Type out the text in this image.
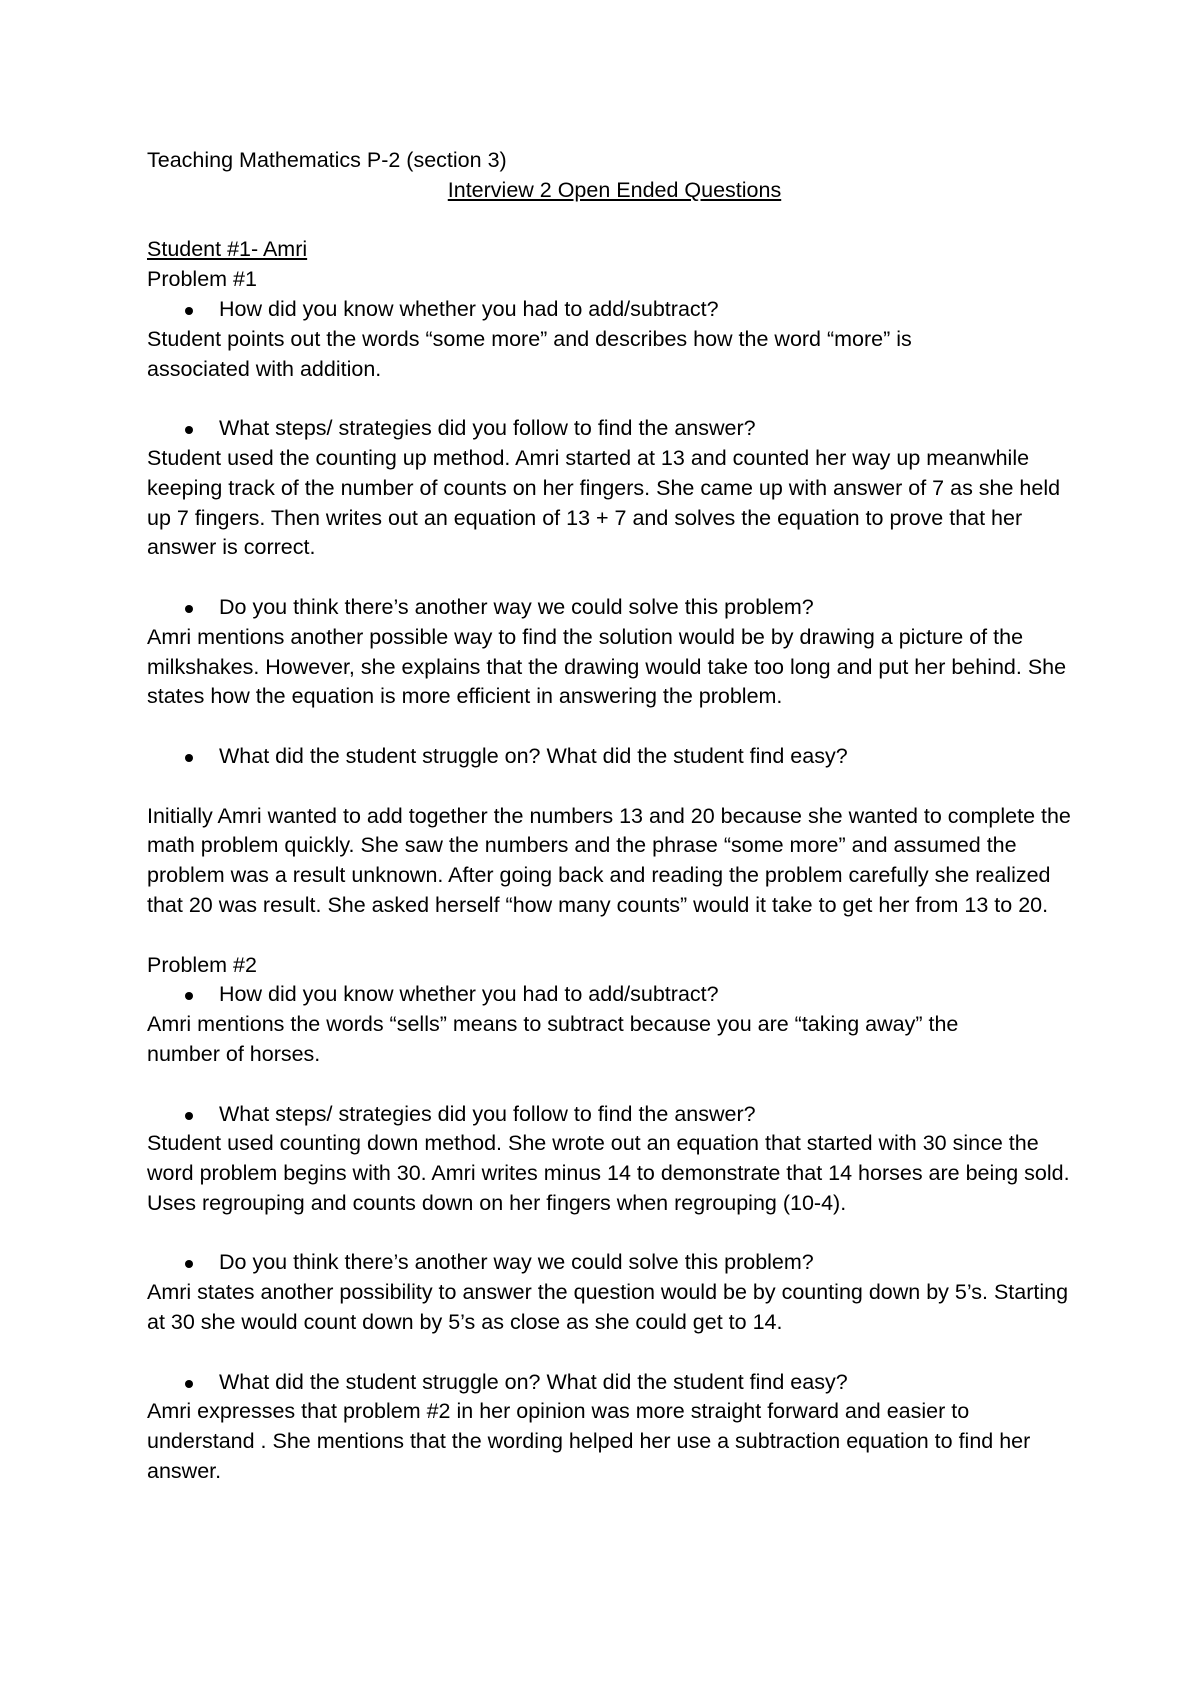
Teaching Mathematics P-2 (section 3)
Interview 2 Open Ended Questions
Student #1- Amri
Problem #1
How did you know whether you had to add/subtract?
Student points out the words “some more” and describes how the word “more” is associated with addition.
What steps/ strategies did you follow to find the answer?
Student used the counting up method. Amri started at 13 and counted her way up meanwhile keeping track of the number of counts on her fingers. She came up with answer of 7 as she held up 7 fingers. Then writes out an equation of 13 + 7 and solves the equation to prove that her answer is correct.
Do you think there’s another way we could solve this problem?
Amri mentions another possible way to find the solution would be by drawing a picture of the milkshakes. However, she explains that the drawing would take too long and put her behind. She states how the equation is more efficient in answering the problem.
What did the student struggle on? What did the student find easy?
Initially Amri wanted to add together the numbers 13 and 20 because she wanted to complete the math problem quickly. She saw the numbers and the phrase “some more” and assumed the problem was a result unknown. After going back and reading the problem carefully she realized that 20 was result. She asked herself “how many counts” would it take to get her from 13 to 20.
Problem #2
How did you know whether you had to add/subtract?
Amri mentions the words “sells” means to subtract because you are “taking away” the number of horses.
What steps/ strategies did you follow to find the answer?
Student used counting down method. She wrote out an equation that started with 30 since the word problem begins with 30. Amri writes minus 14 to demonstrate that 14 horses are being sold. Uses regrouping and counts down on her fingers when regrouping (10-4).
Do you think there’s another way we could solve this problem?
Amri states another possibility to answer the question would be by counting down by 5’s. Starting at 30 she would count down by 5’s as close as she could get to 14.
What did the student struggle on? What did the student find easy?
Amri expresses that problem #2 in her opinion was more straight forward and easier to understand . She mentions that the wording helped her use a subtraction equation to find her answer.
